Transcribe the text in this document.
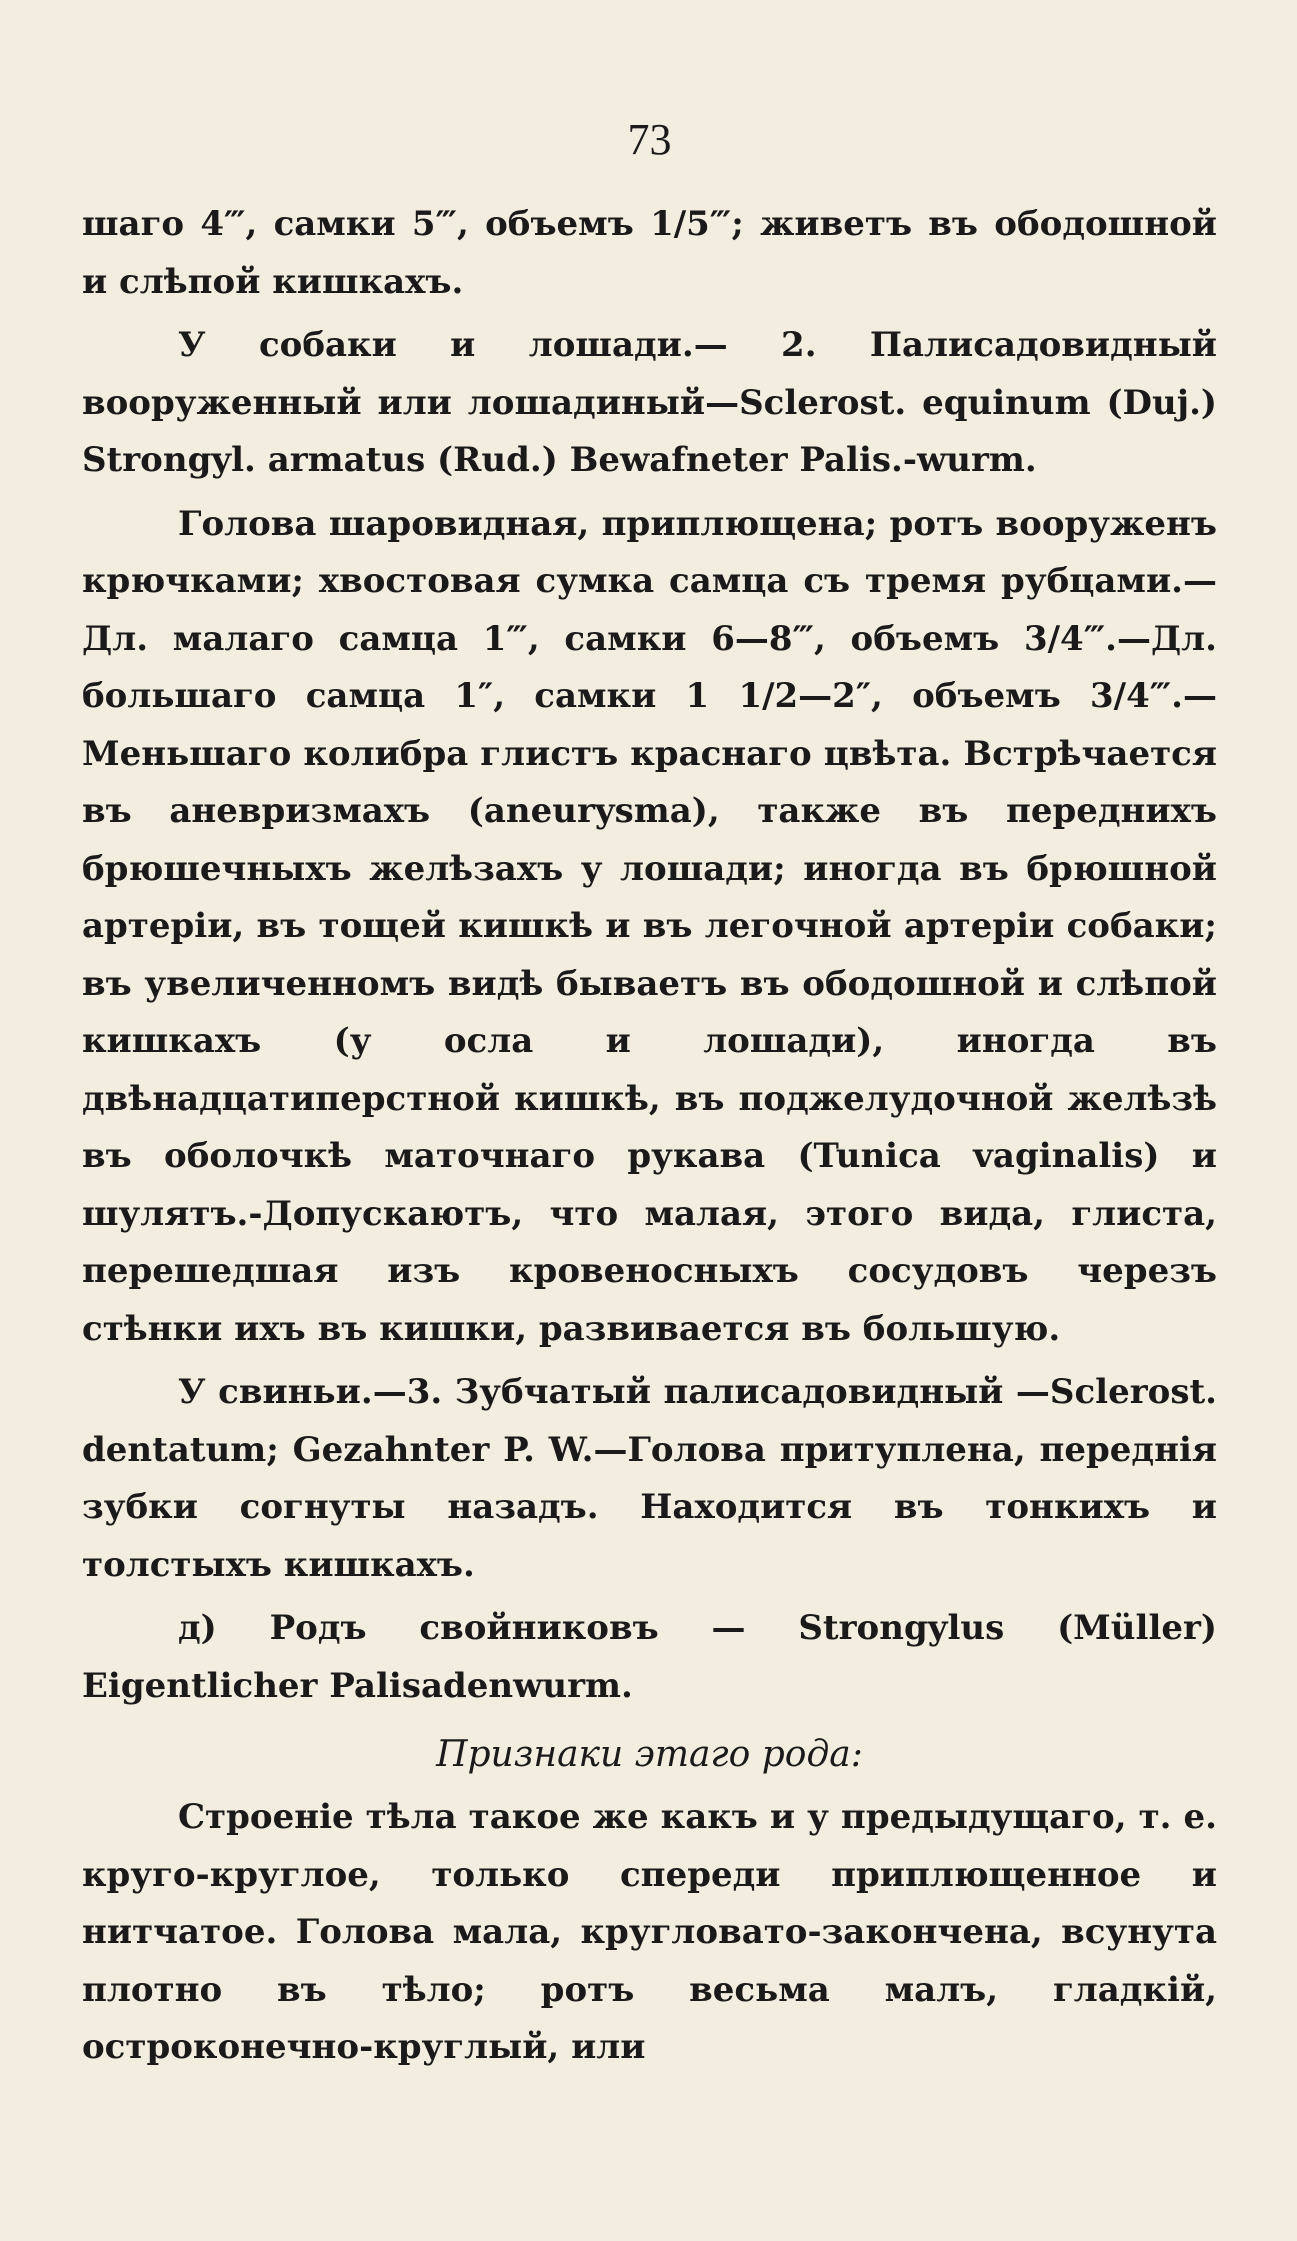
73

шаго 4‴, самки 5‴, объемъ 1/5‴; живетъ въ ободошной и слѣпой кишкахъ.

У собаки и лошади.— 2. Палисадовидный вооруженный или лошадиный—Sclerost. equinum (Duj.) Strongyl. armatus (Rud.) Bewafneter Palis.-wurm.

Голова шаровидная, приплющена; ротъ вооруженъ крючками; хвостовая сумка самца съ тремя рубцами.— Дл. малаго самца 1‴, самки 6—8‴, объемъ 3/4‴.—Дл. большаго самца 1″, самки 1 1/2—2″, объемъ 3/4‴.—Меньшаго колибра глистъ краснаго цвѣта. Встрѣчается въ аневризмахъ (aneurysma), также въ переднихъ брюшечныхъ желѣзахъ у лошади; иногда въ брюшной артеріи, въ тощей кишкѣ и въ легочной артеріи собаки; въ увеличенномъ видѣ бываетъ въ ободошной и слѣпой кишкахъ (у осла и лошади), иногда въ двѣнадцатиперстной кишкѣ, въ поджелудочной желѣзѣ въ оболочкѣ маточнаго рукава (Tunica vaginalis) и шулятъ.-Допускаютъ, что малая, этого вида, глиста, перешедшая изъ кровеносныхъ сосудовъ черезъ стѣнки ихъ въ кишки, развивается въ большую.

У свиньи.—3. Зубчатый палисадовидный —Sclerost. dentatum; Gezahnter P. W.—Голова притуплена, переднія зубки согнуты назадъ. Находится въ тонкихъ и толстыхъ кишкахъ.

д) Родъ свойниковъ — Strongylus (Müller) Eigentlicher Palisadenwurm.

Признаки этаго рода:

Строеніе тѣла такое же какъ и у предыдущаго, т. е. круго-круглое, только спереди приплющенное и нитчатое. Голова мала, кругловато-закончена, всунута плотно въ тѣло; ротъ весьма малъ, гладкій, остроконечно-круглый, или
